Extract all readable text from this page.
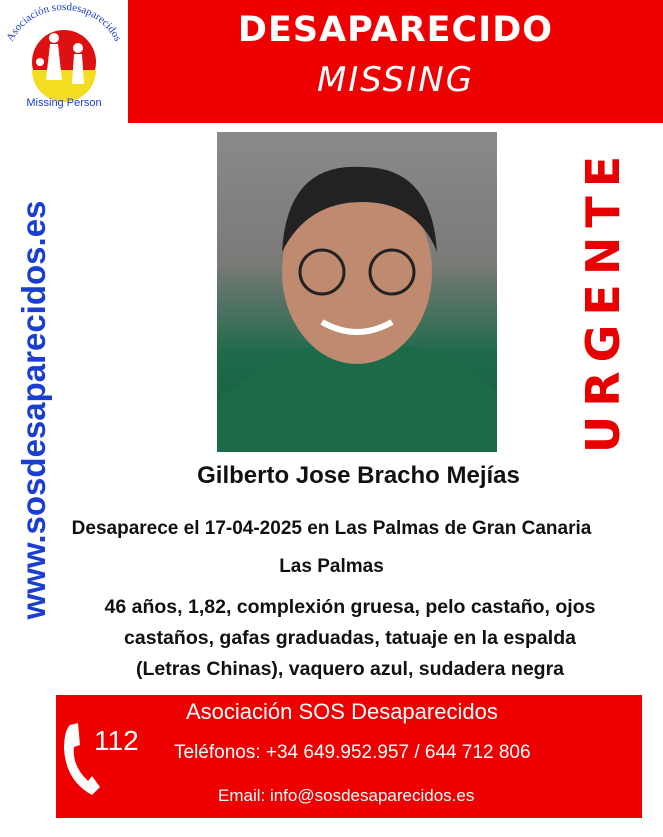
Asociación sosdesaparecidos
Missing Person
DESAPARECIDO
MISSING
www.sosdesaparecidos.es	URGENTE
Gilberto Jose Bracho Mejías
Desaparece el 17-04-2025 en Las Palmas de Gran Canaria
Las Palmas
46 años, 1,82, complexión gruesa, pelo castaño, ojos
castaños, gafas graduadas, tatuaje en la espalda
(Letras Chinas), vaquero azul, sudadera negra
112
Asociación SOS Desaparecidos
Teléfonos: +34 649.952.957 / 644 712 806
Email: info@sosdesaparecidos.es
